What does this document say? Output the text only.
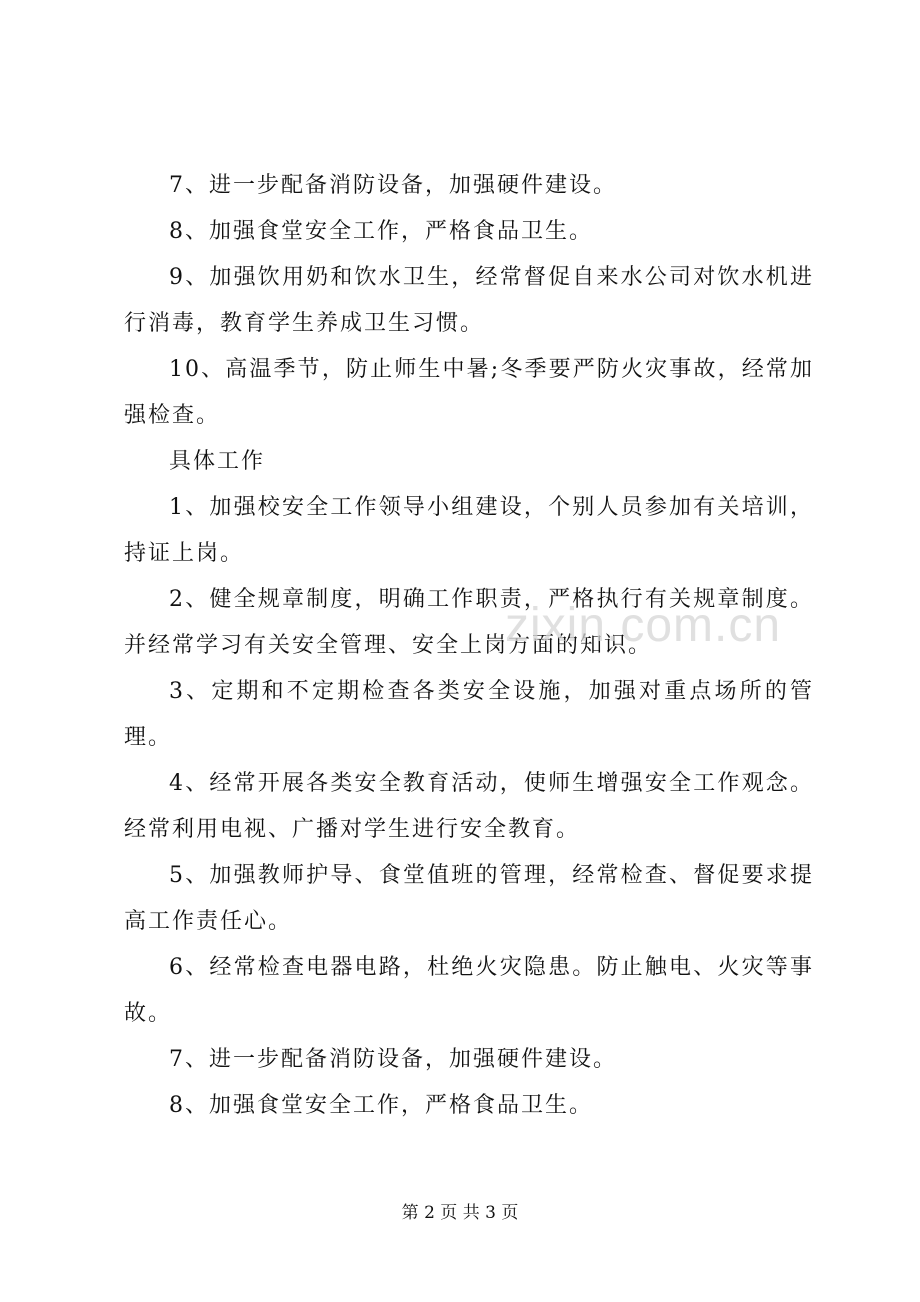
7、进一步配备消防设备，加强硬件建设。

8、加强食堂安全工作，严格食品卫生。

9、加强饮用奶和饮水卫生，经常督促自来水公司对饮水机进行消毒，教育学生养成卫生习惯。

10、高温季节，防止师生中暑;冬季要严防火灾事故，经常加强检查。

具体工作

1、加强校安全工作领导小组建设，个别人员参加有关培训，持证上岗。

2、健全规章制度，明确工作职责，严格执行有关规章制度。并经常学习有关安全管理、安全上岗方面的知识。

3、定期和不定期检查各类安全设施，加强对重点场所的管理。

4、经常开展各类安全教育活动，使师生增强安全工作观念。经常利用电视、广播对学生进行安全教育。

5、加强教师护导、食堂值班的管理，经常检查、督促要求提高工作责任心。

6、经常检查电器电路，杜绝火灾隐患。防止触电、火灾等事故。

7、进一步配备消防设备，加强硬件建设。

8、加强食堂安全工作，严格食品卫生。

zixin.com.cn
第 2 页 共 3 页
